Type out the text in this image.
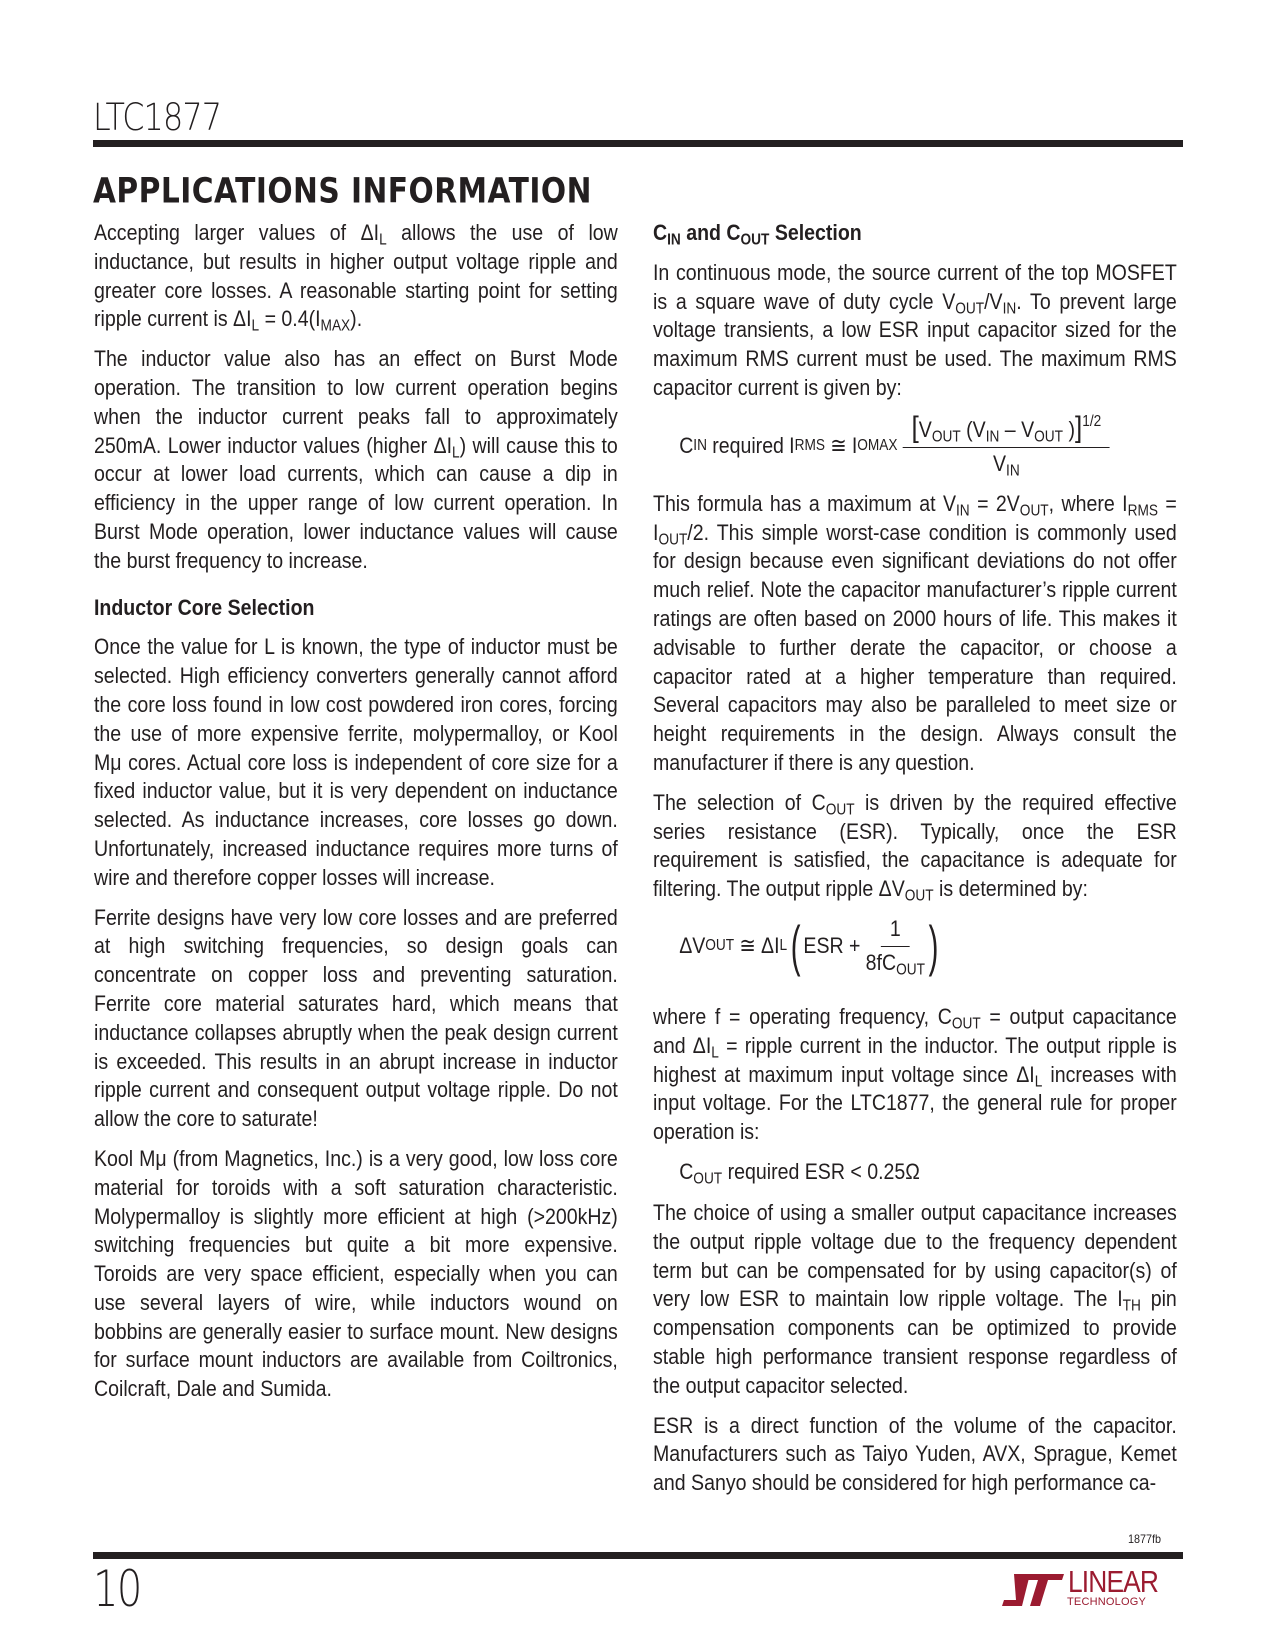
LTC1877
APPLICATIONS INFORMATION

Accepting larger values of $\Delta I_L$ allows the use of low inductance, but results in higher output voltage ripple and greater core losses. A reasonable starting point for setting ripple current is $\Delta I_L = 0.4(I_{MAX})$.

The inductor value also has an effect on Burst Mode operation. The transition to low current operation begins when the inductor current peaks fall to approximately 250mA. Lower inductor values (higher $\Delta I_L$) will cause this to occur at lower load currents, which can cause a dip in efficiency in the upper range of low current operation. In Burst Mode operation, lower inductance values will cause the burst frequency to increase.

Inductor Core Selection

Once the value for L is known, the type of inductor must be selected. High efficiency converters generally cannot afford the core loss found in low cost powdered iron cores, forcing the use of more expensive ferrite, molypermalloy, or Kool Mμ cores. Actual core loss is independent of core size for a fixed inductor value, but it is very dependent on inductance selected. As inductance increases, core losses go down. Unfortunately, increased inductance requires more turns of wire and therefore copper losses will increase.

Ferrite designs have very low core losses and are preferred at high switching frequencies, so design goals can concentrate on copper loss and preventing saturation. Ferrite core material saturates hard, which means that inductance collapses abruptly when the peak design current is exceeded. This results in an abrupt increase in inductor ripple current and consequent output voltage ripple. Do not allow the core to saturate!

Kool Mμ (from Magnetics, Inc.) is a very good, low loss core material for toroids with a soft saturation characteristic. Molypermalloy is slightly more efficient at high (>200kHz) switching frequencies but quite a bit more expensive. Toroids are very space efficient, especially when you can use several layers of wire, while inductors wound on bobbins are generally easier to surface mount. New designs for surface mount inductors are available from Coiltronics, Coilcraft, Dale and Sumida.

$C_{IN}$ and $C_{OUT}$ Selection

In continuous mode, the source current of the top MOSFET is a square wave of duty cycle $V_{OUT}/V_{IN}$. To prevent large voltage transients, a low ESR input capacitor sized for the maximum RMS current must be used. The maximum RMS capacitor current is given by:

C IN required I RMS ≅ I OMAX $\frac{[V_{OUT} (V_{IN} - V_{OUT} )]^{1/2}}{V_{IN}}$

This formula has a maximum at $V_{IN} = 2V_{OUT}$, where $I_{RMS} = I_{OUT}/2$. This simple worst-case condition is commonly used for design because even significant deviations do not offer much relief. Note the capacitor manufacturer’s ripple current ratings are often based on 2000 hours of life. This makes it advisable to further derate the capacitor, or choose a capacitor rated at a higher temperature than required. Several capacitors may also be paralleled to meet size or height requirements in the design. Always consult the manufacturer if there is any question.

The selection of $C_{OUT}$ is driven by the required effective series resistance (ESR). Typically, once the ESR requirement is satisfied, the capacitance is adequate for filtering. The output ripple $\Delta V_{OUT}$ is determined by:

ΔV OUT ≅ ΔI L ( ESR + $\frac{1}{8fC_{OUT}}$ )

where f = operating frequency, $C_{OUT}$ = output capacitance and $\Delta I_L$ = ripple current in the inductor. The output ripple is highest at maximum input voltage since $\Delta I_L$ increases with input voltage. For the LTC1877, the general rule for proper operation is:

$C_{OUT}$ required ESR < 0.25Ω

The choice of using a smaller output capacitance increases the output ripple voltage due to the frequency dependent term but can be compensated for by using capacitor(s) of very low ESR to maintain low ripple voltage. The $I_{TH}$ pin compensation components can be optimized to provide stable high performance transient response regardless of the output capacitor selected.

ESR is a direct function of the volume of the capacitor. Manufacturers such as Taiyo Yuden, AVX, Sprague, Kemet and Sanyo should be considered for high performance ca-

1877fb
10	LINEAR
TECHNOLOGY
